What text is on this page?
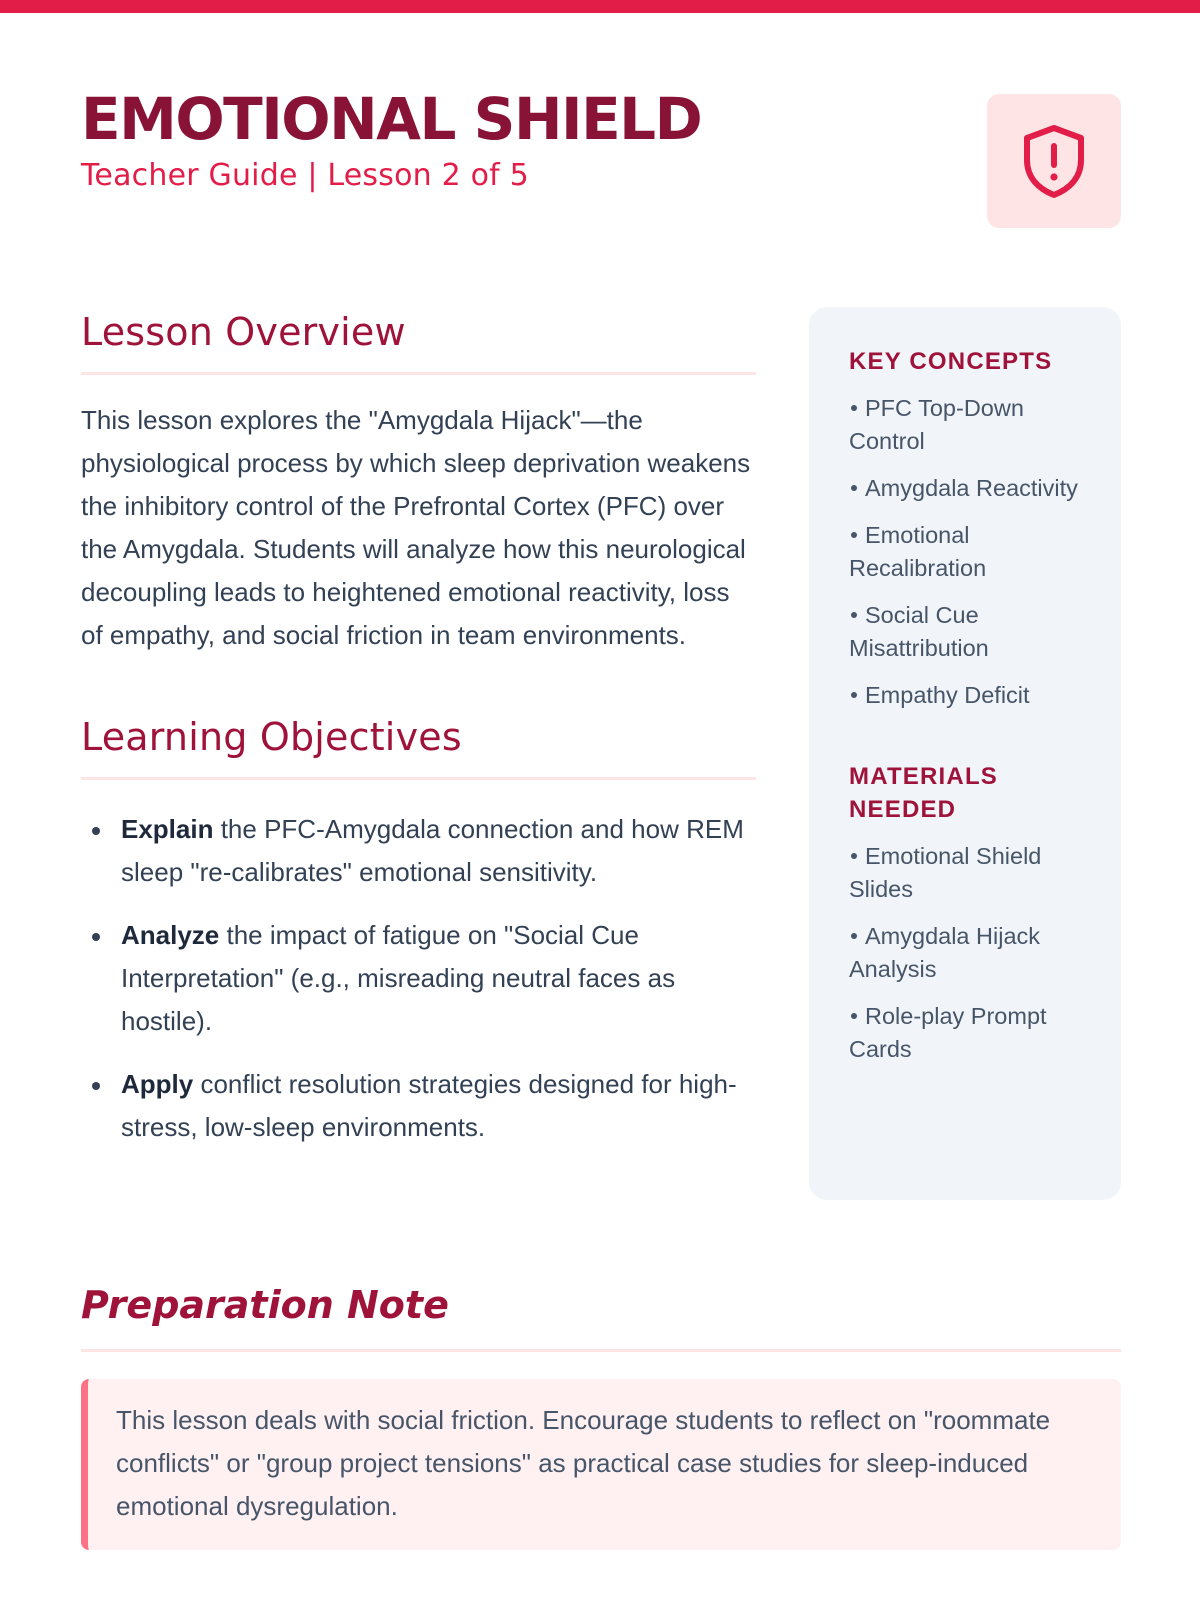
EMOTIONAL SHIELD
Teacher Guide | Lesson 2 of 5
Lesson Overview

This lesson explores the "Amygdala Hijack"—the physiological process by which sleep deprivation weakens the inhibitory control of the Prefrontal Cortex (PFC) over the Amygdala. Students will analyze how this neurological decoupling leads to heightened emotional reactivity, loss of empathy, and social friction in team environments.

Learning Objectives
Explain the PFC-Amygdala connection and how REM sleep "re-calibrates" emotional sensitivity.
Analyze the impact of fatigue on "Social Cue Interpretation" (e.g., misreading neutral faces as hostile).
Apply conflict resolution strategies designed for high-stress, low-sleep environments.
KEY CONCEPTS
PFC Top-Down Control
Amygdala Reactivity
Emotional Recalibration
Social Cue Misattribution
Empathy Deficit
MATERIALS NEEDED
Emotional Shield Slides
Amygdala Hijack Analysis
Role-play Prompt Cards
Preparation Note
This lesson deals with social friction. Encourage students to reflect on "roommate conflicts" or "group project tensions" as practical case studies for sleep-induced emotional dysregulation.
